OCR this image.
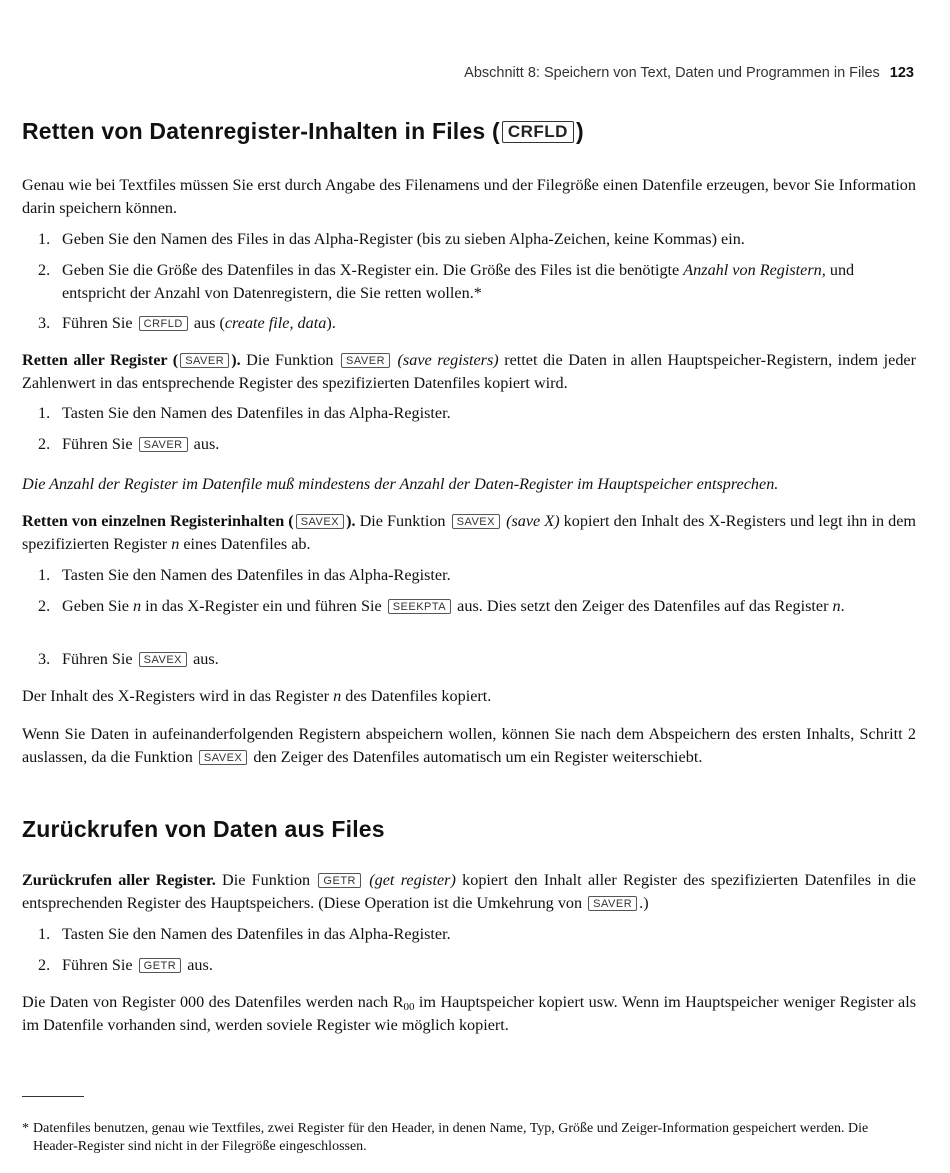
Abschnitt 8: Speichern von Text, Daten und Programmen in Files 123
Retten von Datenregister-Inhalten in Files ( CRFLD )

Genau wie bei Textfiles müssen Sie erst durch Angabe des Filenamens und der Filegröße einen Datenfile erzeugen, bevor Sie Information darin speichern können.

1. Geben Sie den Namen des Files in das Alpha-Register (bis zu sieben Alpha-Zeichen, keine Kommas) ein.

2. Geben Sie die Größe des Datenfiles in das X-Register ein. Die Größe des Files ist die benötigte Anzahl von Registern, und entspricht der Anzahl von Datenregistern, die Sie retten wollen.*

3. Führen Sie CRFLD aus (create file, data).

Retten aller Register ( SAVER ). Die Funktion SAVER (save registers) rettet die Daten in allen Hauptspeicher-Register​n, indem jeder Zahlenwert in das entsprechende Register des spezifizierten Datenfiles kopiert wird.

1. Tasten Sie den Namen des Datenfiles in das Alpha-Register.

2. Führen Sie SAVER aus.

Die Anzahl der Register im Datenfile muß mindestens der Anzahl der Daten-Register im Hauptspeicher entsprechen.

Retten von einzelnen Registerinhalten ( SAVEX ). Die Funktion SAVEX (save X) kopiert den Inhalt des X-Registers und legt ihn in dem spezifizierten Register n eines Datenfiles ab.

1. Tasten Sie den Namen des Datenfiles in das Alpha-Register.

2. Geben Sie n in das X-Register ein und führen Sie SEEKPTA aus. Dies setzt den Zeiger des Datenfiles auf das Register n.

3. Führen Sie SAVEX aus.

Der Inhalt des X-Registers wird in das Register n des Datenfiles kopiert.

Wenn Sie Daten in aufeinanderfolgenden Registern abspeichern wollen, können Sie nach dem Abspeichern des ersten Inhalts, Schritt 2 auslassen, da die Funktion SAVEX den Zeiger des Datenfiles automatisch um ein Register weiterschiebt.

Zurückrufen von Daten aus Files

Zurückrufen aller Register. Die Funktion GETR (get register) kopiert den Inhalt aller Register des spezifizierten Datenfiles in die entsprechenden Register des Hauptspeichers. (Diese Operation ist die Umkehrung von SAVER .)

1. Tasten Sie den Namen des Datenfiles in das Alpha-Register.

2. Führen Sie GETR aus.

Die Daten von Register 000 des Datenfiles werden nach $R_{00}$ im Hauptspeicher kopiert usw. Wenn im Hauptspeicher weniger Register als im Datenfile vorhanden sind, werden soviele Register wie möglich kopiert.

* Datenfiles benutzen, genau wie Textfiles, zwei Register für den Header, in denen Name, Typ, Größe und Zeiger-Information gespeichert werden. Die Header-Register sind nicht in der Filegröße eingeschlossen.
